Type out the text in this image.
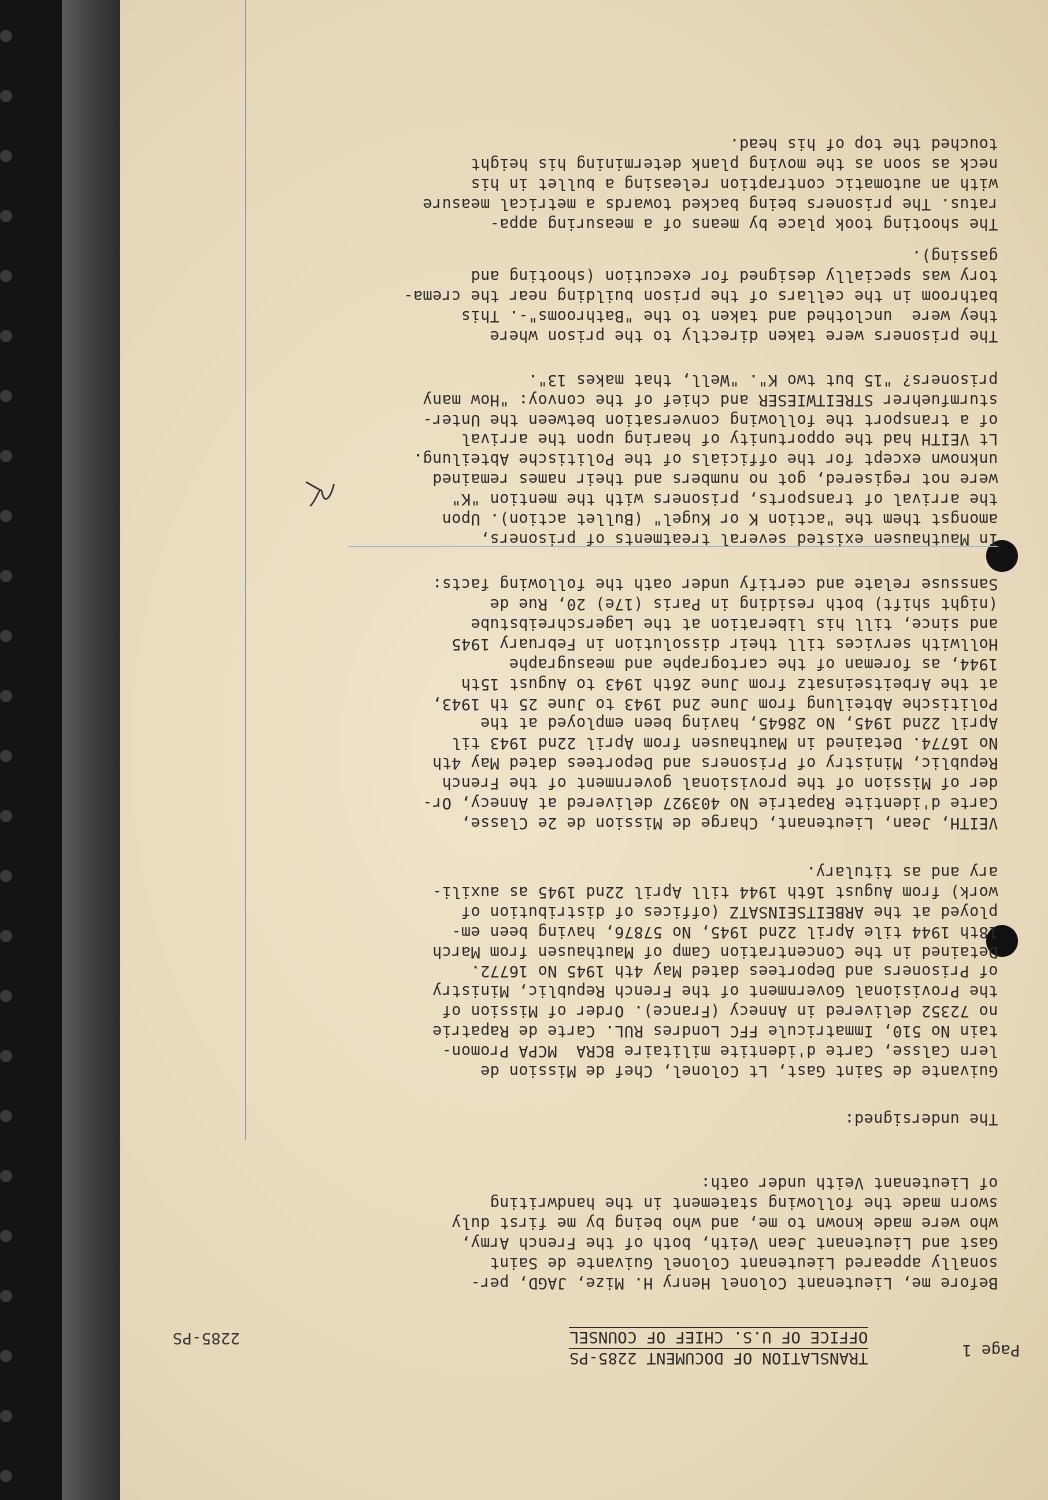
Page 1
TRANSLATION OF DOCUMENT 2285-PS
OFFICE OF U.S. CHIEF OF COUNSEL
2285-PS
Before me, Lieutenant Colonel Henry H. Mize, JAGD, per-
sonally appeared Lieutenant Colonel Guivante de Saint
Gast and Lieutenant Jean Veith, both of the French Army,
who were made known to me, and who being by me first duly
sworn made the following statement in the handwriting
of Lieutenant Veith under oath:
The undersigned:
Guivante de Saint Gast, Lt Colonel, Chef de Mission de
lern Calsse, Carte d'identite militaire BCRA  MCPA Promon-
tain No 510, Immatricule FFC Londres RUL. Carte de Rapatrie
no 72352 delivered in Annecy (France). Order of Mission of
the Provisional Government of the French Republic, Ministry
of Prisoners and Deportees dated May 4th 1945 No 16772.
Detained in the Concentration Camp of Mauthausen from March
18th 1944 tile April 22nd 1945, No 57876, having been em-
ployed at the ARBEITSEINSATZ (offices of distribution of
work) from August 16th 1944 till April 22nd 1945 as auxili-
ary and as titulary.
VEITH, Jean, Lieutenant, Charge de Mission de 2e Classe,
Carte d'identite Rapatrie No 403927 delivered at Annecy, Or-
der of Mission of the provisional government of the French
Republic, Ministry of Prisoners and Deportees dated May 4th
No 16774. Detained in Mauthausen from April 22nd 1943 til
April 22nd 1945, No 28645, having been employed at the
Politische Abteilung from June 2nd 1943 to June 25 th 1943,
at the Arbeitseinsatz from June 26th 1943 to August 15th
1944, as foreman of the cartographe and measugraphe
Hollwith services till their dissolution in February 1945
and since, till his liberation at the Lagerschreibstube
(night shift) both residing in Paris (17e) 20, Rue de
Sanssuse relate and certify under oath the following facts:
In Mauthausen existed several treatments of prisoners,
amongst them the "action K or Kugel" (Bullet action). Upon
the arrival of transports, prisoners with the mention "K"
were not regisered, got no numbers and their names remained
unknown except for the officials of the Politische Abteilung.
Lt VEITH had the opportunity of hearing upon the arrival
of a transport the following conversation between the Unter-
sturmfuehrer STREITWIESER and chief of the convoy: "How many
prisoners? "15 but two K". "Well, that makes 13".
The prisoners were taken directly to the prison where
they were  unclothed and taken to the "Bathrooms"-. This
bathroom in the cellars of the prison building near the crema-
tory was specially designed for execution (shooting and
gassing).
The shooting took place by means of a measuring appa-
ratus. The prisoners being backed towards a metrical measure
with an automatic contraption releasing a bullet in his
neck as soon as the moving plank determining his height
touched the top of his head.
